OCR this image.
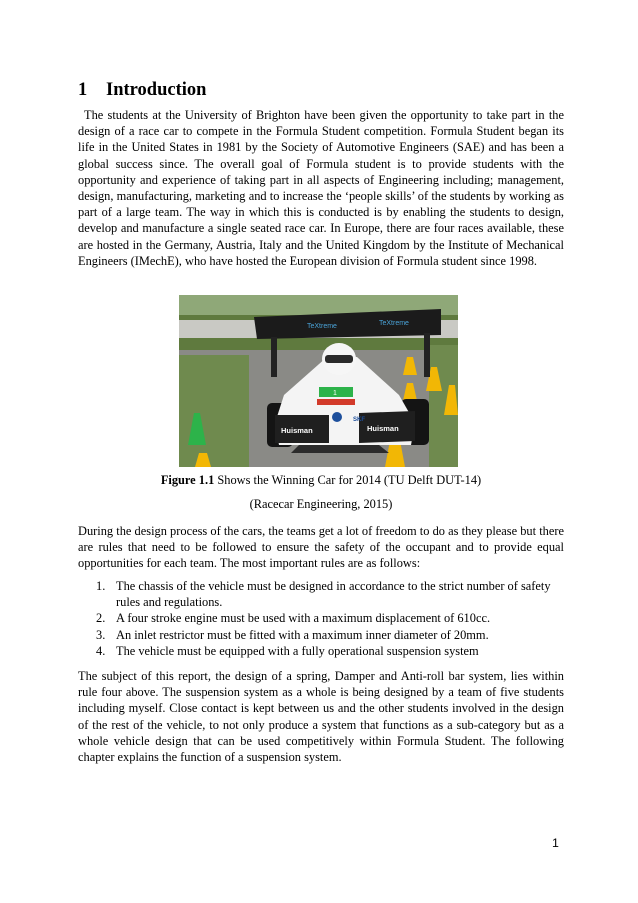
1 Introduction

The students at the University of Brighton have been given the opportunity to take part in the design of a race car to compete in the Formula Student competition. Formula Student began its life in the United States in 1981 by the Society of Automotive Engineers (SAE) and has been a global success since. The overall goal of Formula student is to provide students with the opportunity and experience of taking part in all aspects of Engineering including; management, design, manufacturing, marketing and to increase the ‘people skills’ of the students by working as part of a large team. The way in which this is conducted is by enabling the students to design, develop and manufacture a single seated race car. In Europe, there are four races available, these are hosted in the Germany, Austria, Italy and the United Kingdom by the Institute of Mechanical Engineers (IMechE), who have hosted the European division of Formula student since 1998.

TeXtreme	TeXtreme
Huisman	Huisman
1
SKF

Figure 1.1 Shows the Winning Car for 2014 (TU Delft DUT-14)

(Racecar Engineering, 2015)

During the design process of the cars, the teams get a lot of freedom to do as they please but there are rules that need to be followed to ensure the safety of the occupant and to provide equal opportunities for each team. The most important rules are as follows:

1. The chassis of the vehicle must be designed in accordance to the strict number of safety rules and regulations.
2. A four stroke engine must be used with a maximum displacement of 610cc.
3. An inlet restrictor must be fitted with a maximum inner diameter of 20mm.
4. The vehicle must be equipped with a fully operational suspension system

The subject of this report, the design of a spring, Damper and Anti-roll bar system, lies within rule four above. The suspension system as a whole is being designed by a team of five students including myself. Close contact is kept between us and the other students involved in the design of the rest of the vehicle, to not only produce a system that functions as a sub-category but as a whole vehicle design that can be used competitively within Formula Student. The following chapter explains the function of a suspension system.

1
